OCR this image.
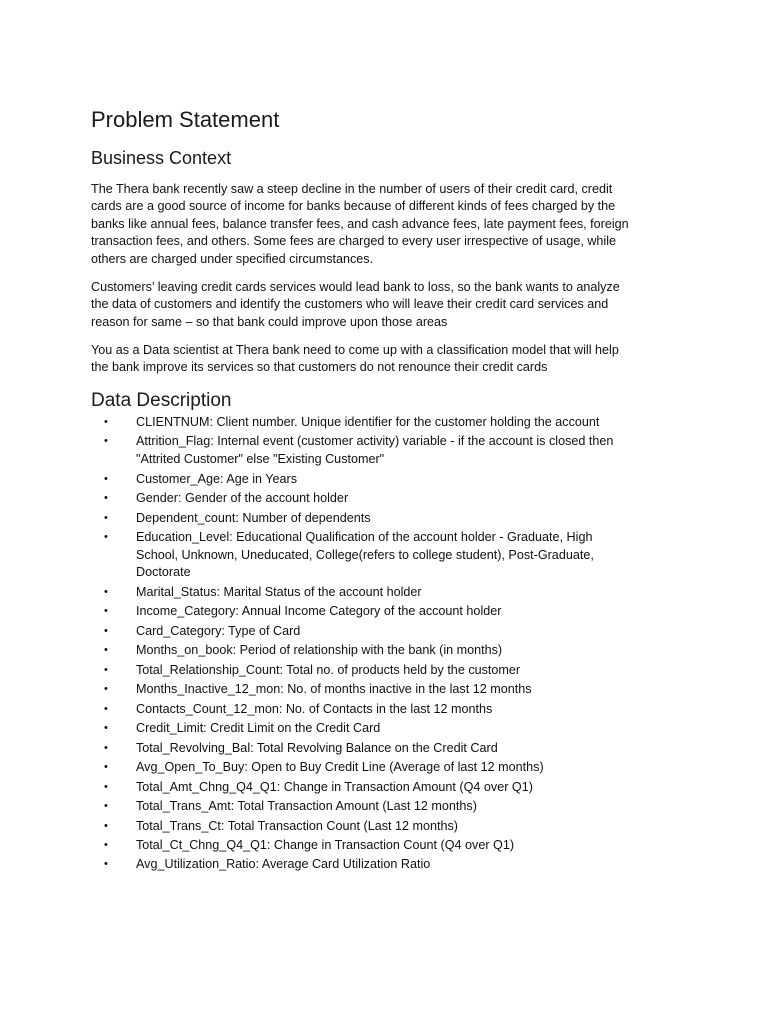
Problem Statement
Business Context

The Thera bank recently saw a steep decline in the number of users of their credit card, credit
cards are a good source of income for banks because of different kinds of fees charged by the
banks like annual fees, balance transfer fees, and cash advance fees, late payment fees, foreign
transaction fees, and others. Some fees are charged to every user irrespective of usage, while
others are charged under specified circumstances.

Customers’ leaving credit cards services would lead bank to loss, so the bank wants to analyze
the data of customers and identify the customers who will leave their credit card services and
reason for same – so that bank could improve upon those areas

You as a Data scientist at Thera bank need to come up with a classification model that will help
the bank improve its services so that customers do not renounce their credit cards

Data Description
• CLIENTNUM: Client number. Unique identifier for the customer holding the account
• Attrition_Flag: Internal event (customer activity) variable - if the account is closed then
"Attrited Customer" else "Existing Customer"
• Customer_Age: Age in Years
• Gender: Gender of the account holder
• Dependent_count: Number of dependents
• Education_Level: Educational Qualification of the account holder - Graduate, High
School, Unknown, Uneducated, College(refers to college student), Post-Graduate,
Doctorate
• Marital_Status: Marital Status of the account holder
• Income_Category: Annual Income Category of the account holder
• Card_Category: Type of Card
• Months_on_book: Period of relationship with the bank (in months)
• Total_Relationship_Count: Total no. of products held by the customer
• Months_Inactive_12_mon: No. of months inactive in the last 12 months
• Contacts_Count_12_mon: No. of Contacts in the last 12 months
• Credit_Limit: Credit Limit on the Credit Card
• Total_Revolving_Bal: Total Revolving Balance on the Credit Card
• Avg_Open_To_Buy: Open to Buy Credit Line (Average of last 12 months)
• Total_Amt_Chng_Q4_Q1: Change in Transaction Amount (Q4 over Q1)
• Total_Trans_Amt: Total Transaction Amount (Last 12 months)
• Total_Trans_Ct: Total Transaction Count (Last 12 months)
• Total_Ct_Chng_Q4_Q1: Change in Transaction Count (Q4 over Q1)
• Avg_Utilization_Ratio: Average Card Utilization Ratio
